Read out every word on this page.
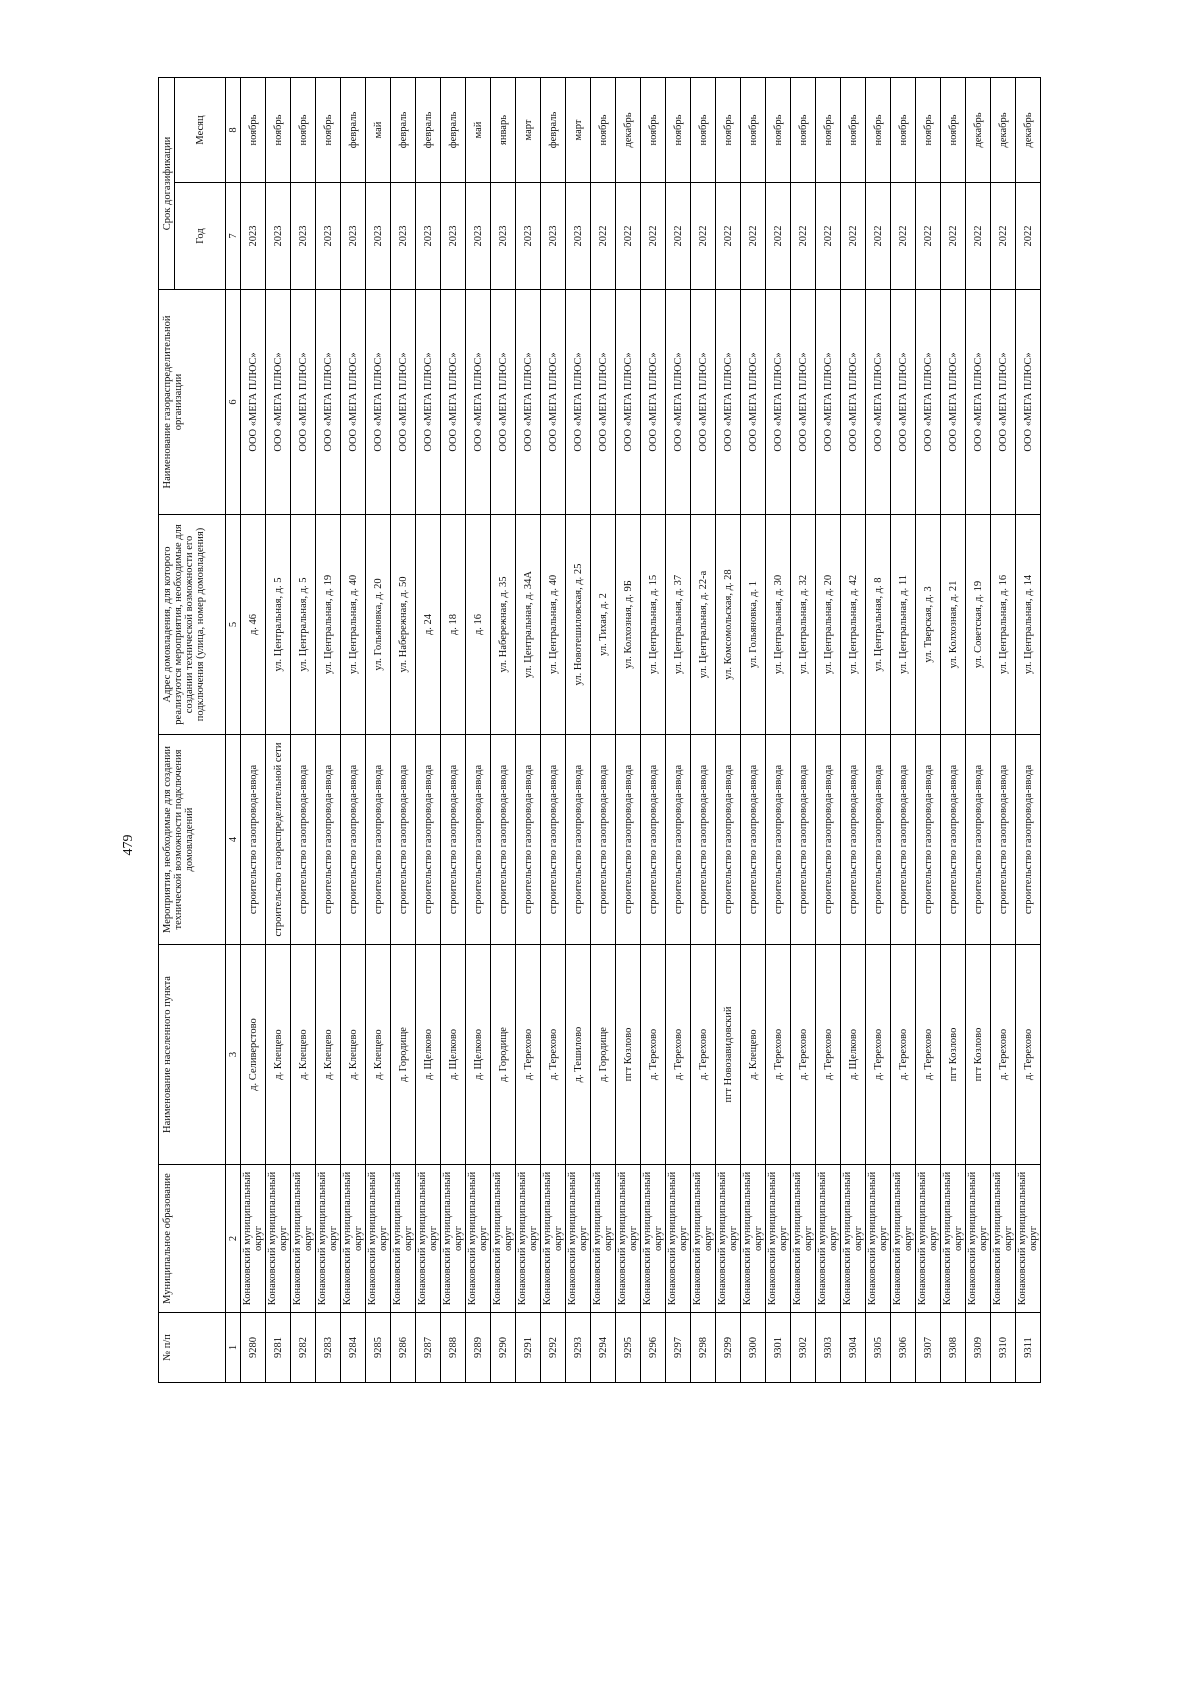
479
№ п/п	Муниципальное образование	Наименование населенного пункта	Мероприятия, необходимые для создании технической возможности подключения домовладений	Адрес домовладения, для которого реализуются мероприятия, необходимые для создании технической возможности его подключения (улица, номер домовладения)	Наименование газораспределительной организации	Срок догазификации	
						Год	Месяц
1	2	3	4	5	6	7	8
9280	Конаковский муниципальный округ	д. Селиверстово	строительство газопровода-ввода	д. 46	ООО «МЕГА ПЛЮС»	2023	ноябрь
9281	Конаковский муниципальный округ	д. Клещево	строительство газораспределительной сети	ул. Центральная, д. 5	ООО «МЕГА ПЛЮС»	2023	ноябрь
9282	Конаковский муниципальный округ	д. Клещево	строительство газопровода-ввода	ул. Центральная, д. 5	ООО «МЕГА ПЛЮС»	2023	ноябрь
9283	Конаковский муниципальный округ	д. Клещево	строительство газопровода-ввода	ул. Центральная, д. 19	ООО «МЕГА ПЛЮС»	2023	ноябрь
9284	Конаковский муниципальный округ	д. Клещево	строительство газопровода-ввода	ул. Центральная, д. 40	ООО «МЕГА ПЛЮС»	2023	февраль
9285	Конаковский муниципальный округ	д. Клещево	строительство газопровода-ввода	ул. Гольяновка, д. 20	ООО «МЕГА ПЛЮС»	2023	май
9286	Конаковский муниципальный округ	д. Городище	строительство газопровода-ввода	ул. Набережная, д. 50	ООО «МЕГА ПЛЮС»	2023	февраль
9287	Конаковский муниципальный округ	д. Щелково	строительство газопровода-ввода	д. 24	ООО «МЕГА ПЛЮС»	2023	февраль
9288	Конаковский муниципальный округ	д. Щелково	строительство газопровода-ввода	д. 18	ООО «МЕГА ПЛЮС»	2023	февраль
9289	Конаковский муниципальный округ	д. Щелково	строительство газопровода-ввода	д. 16	ООО «МЕГА ПЛЮС»	2023	май
9290	Конаковский муниципальный округ	д. Городище	строительство газопровода-ввода	ул. Набережная, д. 35	ООО «МЕГА ПЛЮС»	2023	январь
9291	Конаковский муниципальный округ	д. Терехово	строительство газопровода-ввода	ул. Центральная, д. 34А	ООО «МЕГА ПЛЮС»	2023	март
9292	Конаковский муниципальный округ	д. Терехово	строительство газопровода-ввода	ул. Центральная, д. 40	ООО «МЕГА ПЛЮС»	2023	февраль
9293	Конаковский муниципальный округ	д. Тешилово	строительство газопровода-ввода	ул. Новотешиловская, д. 25	ООО «МЕГА ПЛЮС»	2023	март
9294	Конаковский муниципальный округ	д. Городище	строительство газопровода-ввода	ул. Тихая, д. 2	ООО «МЕГА ПЛЮС»	2022	ноябрь
9295	Конаковский муниципальный округ	пгт Козлово	строительство газопровода-ввода	ул. Колхозная, д. 9Б	ООО «МЕГА ПЛЮС»	2022	декабрь
9296	Конаковский муниципальный округ	д. Терехово	строительство газопровода-ввода	ул. Центральная, д. 15	ООО «МЕГА ПЛЮС»	2022	ноябрь
9297	Конаковский муниципальный округ	д. Терехово	строительство газопровода-ввода	ул. Центральная, д. 37	ООО «МЕГА ПЛЮС»	2022	ноябрь
9298	Конаковский муниципальный округ	д. Терехово	строительство газопровода-ввода	ул. Центральная, д. 22-а	ООО «МЕГА ПЛЮС»	2022	ноябрь
9299	Конаковский муниципальный округ	пгт Новозавидовский	строительство газопровода-ввода	ул. Комсомольская, д. 28	ООО «МЕГА ПЛЮС»	2022	ноябрь
9300	Конаковский муниципальный округ	д. Клещево	строительство газопровода-ввода	ул. Гольяновка, д. 1	ООО «МЕГА ПЛЮС»	2022	ноябрь
9301	Конаковский муниципальный округ	д. Терехово	строительство газопровода-ввода	ул. Центральная, д. 30	ООО «МЕГА ПЛЮС»	2022	ноябрь
9302	Конаковский муниципальный округ	д. Терехово	строительство газопровода-ввода	ул. Центральная, д. 32	ООО «МЕГА ПЛЮС»	2022	ноябрь
9303	Конаковский муниципальный округ	д. Терехово	строительство газопровода-ввода	ул. Центральная, д. 20	ООО «МЕГА ПЛЮС»	2022	ноябрь
9304	Конаковский муниципальный округ	д. Щелково	строительство газопровода-ввода	ул. Центральная, д. 42	ООО «МЕГА ПЛЮС»	2022	ноябрь
9305	Конаковский муниципальный округ	д. Терехово	строительство газопровода-ввода	ул. Центральная, д. 8	ООО «МЕГА ПЛЮС»	2022	ноябрь
9306	Конаковский муниципальный округ	д. Терехово	строительство газопровода-ввода	ул. Центральная, д. 11	ООО «МЕГА ПЛЮС»	2022	ноябрь
9307	Конаковский муниципальный округ	д. Терехово	строительство газопровода-ввода	ул. Тверская, д. 3	ООО «МЕГА ПЛЮС»	2022	ноябрь
9308	Конаковский муниципальный округ	пгт Козлово	строительство газопровода-ввода	ул. Колхозная, д. 21	ООО «МЕГА ПЛЮС»	2022	ноябрь
9309	Конаковский муниципальный округ	пгт Козлово	строительство газопровода-ввода	ул. Советская, д. 19	ООО «МЕГА ПЛЮС»	2022	декабрь
9310	Конаковский муниципальный округ	д. Терехово	строительство газопровода-ввода	ул. Центральная, д. 16	ООО «МЕГА ПЛЮС»	2022	декабрь
9311	Конаковский муниципальный округ	д. Терехово	строительство газопровода-ввода	ул. Центральная, д. 14	ООО «МЕГА ПЛЮС»	2022	декабрь
